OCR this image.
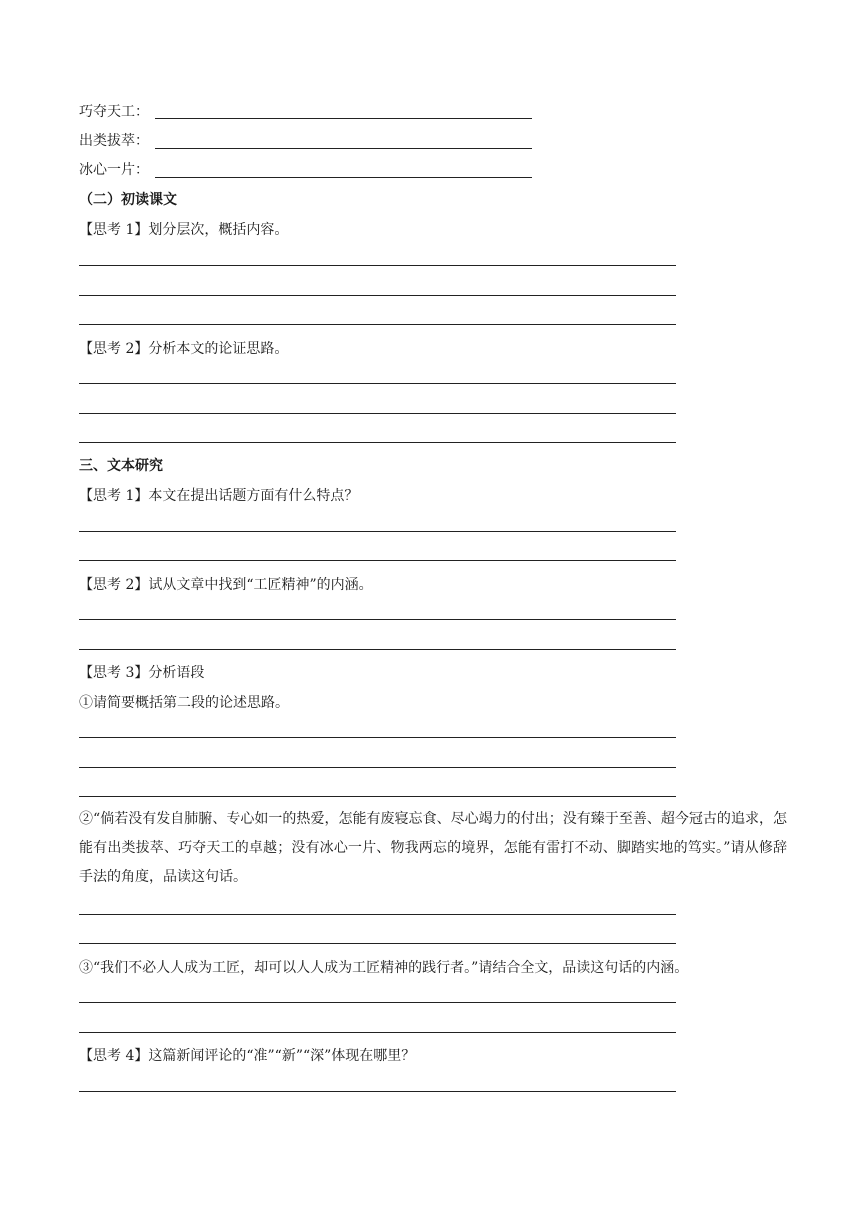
巧夺天工：
出类拔萃：
冰心一片：
（二）初读课文
【思考 1】划分层次，概括内容。
【思考 2】分析本文的论证思路。
三、文本研究
【思考 1】本文在提出话题方面有什么特点？
【思考 2】试从文章中找到“工匠精神”的内涵。
【思考 3】分析语段
①请简要概括第二段的论述思路。
②“倘若没有发自肺腑、专心如一的热爱，怎能有废寝忘食、尽心竭力的付出；没有臻于至善、超今冠古的追求，怎能有出类拔萃、巧夺天工的卓越；没有冰心一片、物我两忘的境界，怎能有雷打不动、脚踏实地的笃实。”请从修辞手法的角度，品读这句话。
③“我们不必人人成为工匠，却可以人人成为工匠精神的践行者。”请结合全文，品读这句话的内涵。
【思考 4】这篇新闻评论的“准”“新”“深”体现在哪里？
